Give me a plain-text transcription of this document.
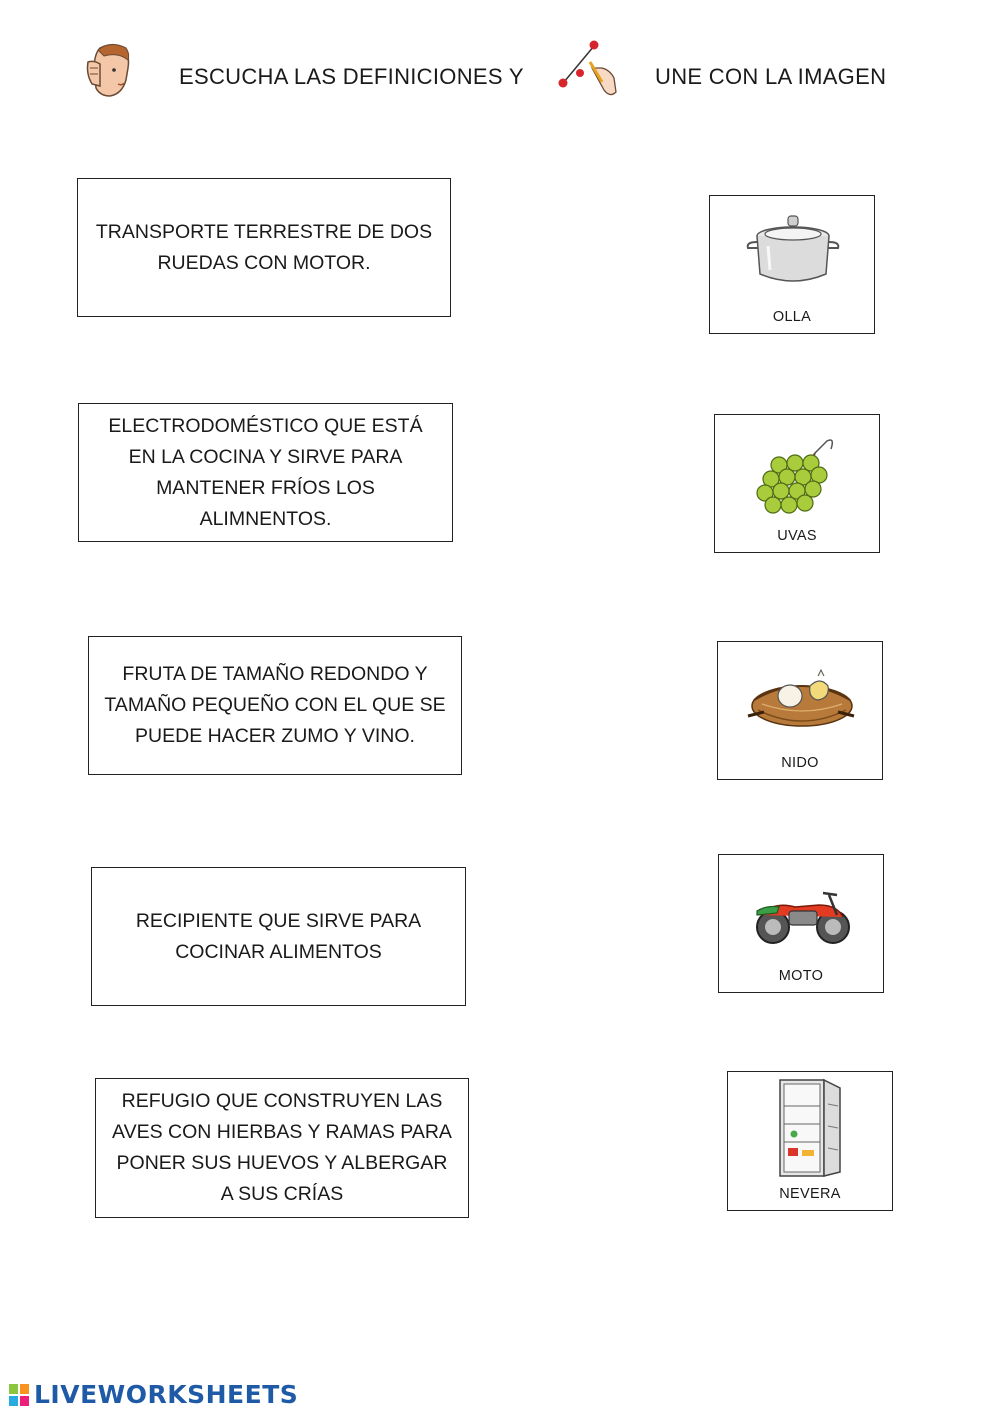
ESCUCHA LAS DEFINICIONES Y	UNE CON LA IMAGEN
TRANSPORTE TERRESTRE DE DOS RUEDAS CON MOTOR.
ELECTRODOMÉSTICO QUE ESTÁ EN LA COCINA Y SIRVE PARA MANTENER FRÍOS LOS ALIMNENTOS.
FRUTA DE TAMAÑO REDONDO Y TAMAÑO PEQUEÑO CON EL QUE SE PUEDE HACER ZUMO Y VINO.
RECIPIENTE QUE SIRVE PARA COCINAR ALIMENTOS
REFUGIO QUE CONSTRUYEN LAS AVES CON HIERBAS Y RAMAS PARA PONER SUS HUEVOS Y ALBERGAR A SUS CRÍAS
OLLA
UVAS
NIDO
MOTO
NEVERA
LIVEWORKSHEETS
